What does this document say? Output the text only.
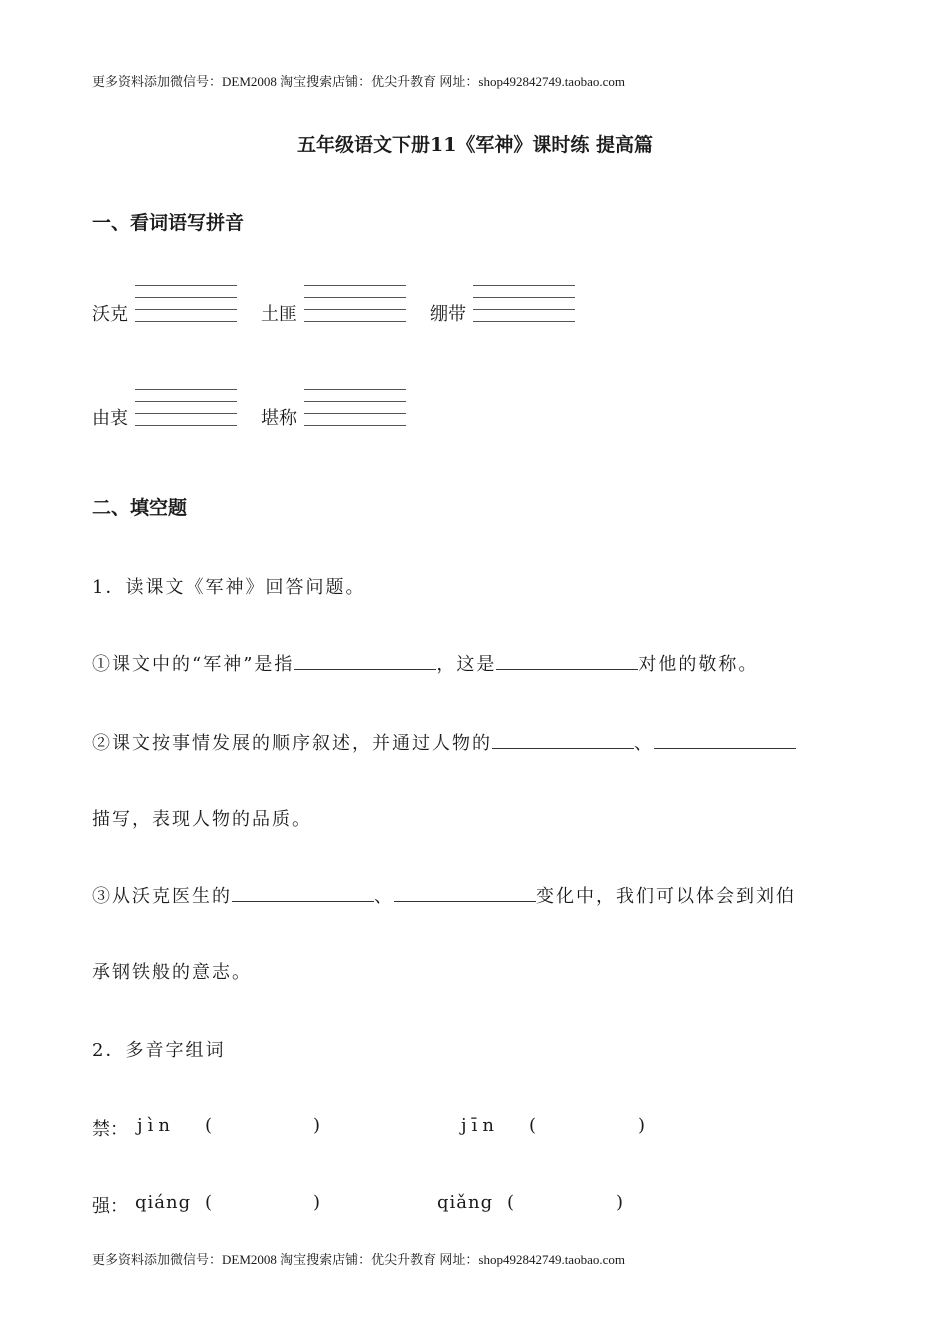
更多资料添加微信号：DEM2008 淘宝搜索店铺：优尖升教育 网址：shop492842749.taobao.com
五年级语文下册11《军神》课时练 提高篇
一、看词语写拼音
沃克	土匪	绷带
由衷	堪称
二、填空题
1．读课文《军神》回答问题。
①课文中的“军神”是指	，这是	对他的敬称。
②课文按事情发展的顺序叙述，并通过人物的	、
描写，表现人物的品质。
③从沃克医生的	、	变化中，我们可以体会到刘伯
承钢铁般的意志。
2．多音字组词
禁： jìn (	)	jīn (	)
强： qiáng (	)	qiǎng (	)
更多资料添加微信号：DEM2008 淘宝搜索店铺：优尖升教育 网址：shop492842749.taobao.com
